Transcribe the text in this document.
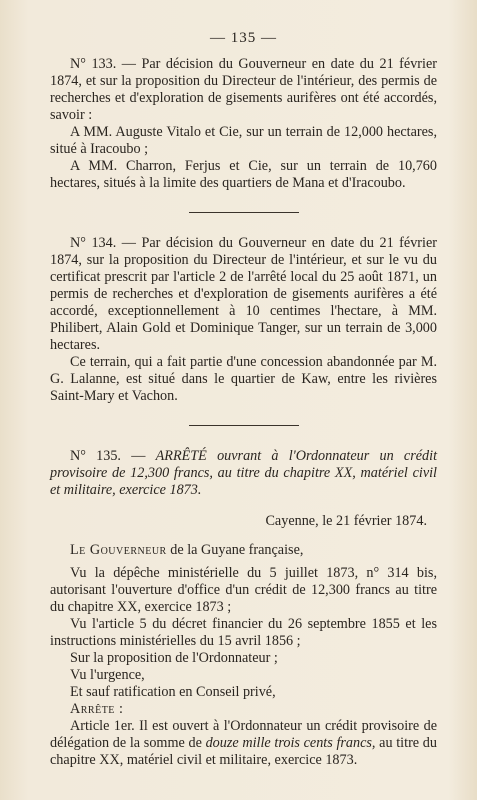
— 135 —

N° 133. — Par décision du Gouverneur en date du 21 février 1874, et sur la proposition du Directeur de l'intérieur, des permis de recherches et d'exploration de gisements aurifères ont été accordés, savoir :

A MM. Auguste Vitalo et Cie, sur un terrain de 12,000 hectares, situé à Iracoubo ;

A MM. Charron, Ferjus et Cie, sur un terrain de 10,760 hectares, situés à la limite des quartiers de Mana et d'Iracoubo.

N° 134. — Par décision du Gouverneur en date du 21 février 1874, sur la proposition du Directeur de l'intérieur, et sur le vu du certificat prescrit par l'article 2 de l'arrêté local du 25 août 1871, un permis de recherches et d'exploration de gisements aurifères a été accordé, exceptionnellement à 10 centimes l'hectare, à MM. Philibert, Alain Gold et Dominique Tanger, sur un terrain de 3,000 hectares.

Ce terrain, qui a fait partie d'une concession abandonnée par M. G. Lalanne, est situé dans le quartier de Kaw, entre les rivières Saint-Mary et Vachon.

N° 135. — ARRÊTÉ ouvrant à l'Ordonnateur un crédit provisoire de 12,300 francs, au titre du chapitre XX, matériel civil et militaire, exercice 1873.

Cayenne, le 21 février 1874.

Le Gouverneur de la Guyane française,

Vu la dépêche ministérielle du 5 juillet 1873, n° 314 bis, autorisant l'ouverture d'office d'un crédit de 12,300 francs au titre du chapitre XX, exercice 1873 ;

Vu l'article 5 du décret financier du 26 septembre 1855 et les instructions ministérielles du 15 avril 1856 ;

Sur la proposition de l'Ordonnateur ;

Vu l'urgence,

Et sauf ratification en Conseil privé,

Arrête :

Article 1er. Il est ouvert à l'Ordonnateur un crédit provisoire de délégation de la somme de douze mille trois cents francs, au titre du chapitre XX, matériel civil et militaire, exercice 1873.
